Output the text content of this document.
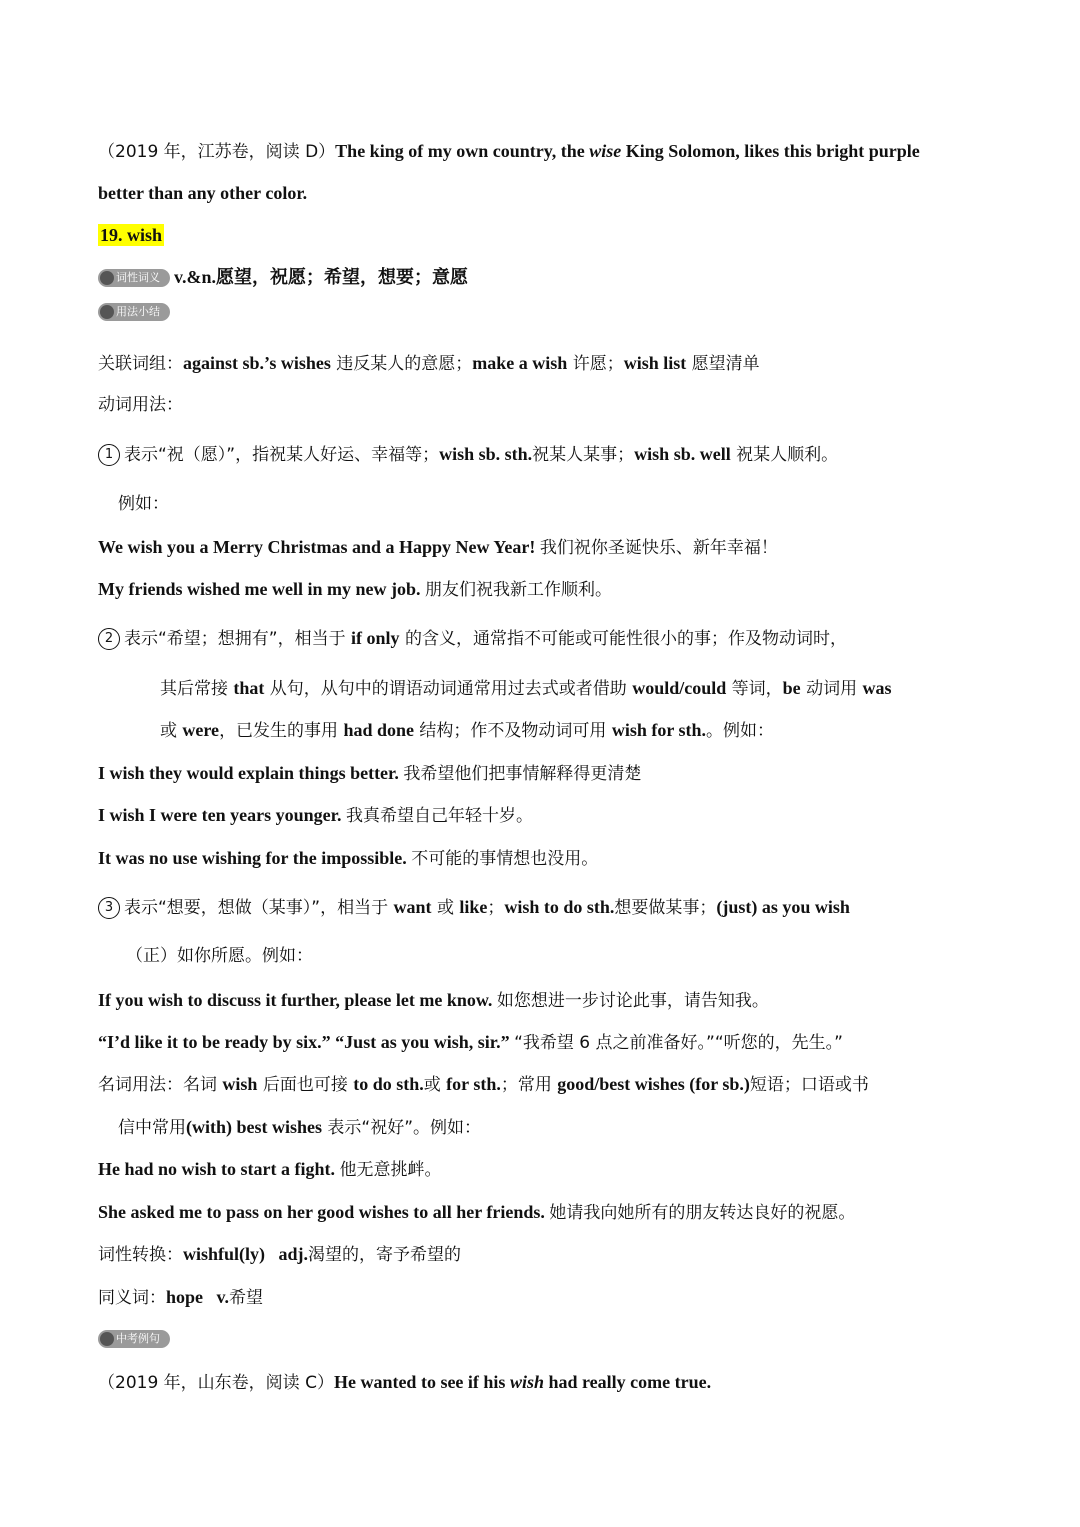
（2019 年，江苏卷，阅读 D）The king of my own country, the wise King Solomon, likes this bright purple
better than any other color.
19. wish
词性词义 v.&n.愿望，祝愿；希望，想要；意愿
用法小结
关联词组：against sb.’s wishes 违反某人的意愿；make a wish 许愿；wish list 愿望清单
动词用法：
1 表示“祝（愿）”，指祝某人好运、幸福等；wish sb. sth.祝某人某事；wish sb. well 祝某人顺利。
例如：
We wish you a Merry Christmas and a Happy New Year! 我们祝你圣诞快乐、新年幸福！
My friends wished me well in my new job. 朋友们祝我新工作顺利。
2 表示“希望；想拥有”，相当于 if only 的含义，通常指不可能或可能性很小的事；作及物动词时，
其后常接 that 从句，从句中的谓语动词通常用过去式或者借助 would/could 等词，be 动词用 was
或 were，已发生的事用 had done 结构；作不及物动词可用 wish for sth.。例如：
I wish they would explain things better. 我希望他们把事情解释得更清楚
I wish I were ten years younger. 我真希望自己年轻十岁。
It was no use wishing for the impossible. 不可能的事情想也没用。
3 表示“想要，想做（某事）”，相当于 want 或 like；wish to do sth.想要做某事；(just) as you wish
（正）如你所愿。例如：
If you wish to discuss it further, please let me know. 如您想进一步讨论此事，请告知我。
“I’d like it to be ready by six.” “Just as you wish, sir.” “我希望 6 点之前准备好。”“听您的，先生。”
名词用法：名词 wish 后面也可接 to do sth.或 for sth.；常用 good/best wishes (for sb.)短语；口语或书
信中常用(with) best wishes 表示“祝好”。例如：
He had no wish to start a fight. 他无意挑衅。
She asked me to pass on her good wishes to all her friends. 她请我向她所有的朋友转达良好的祝愿。
词性转换：wishful(ly)   adj.渴望的，寄予希望的
同义词：hope   v.希望
中考例句
（2019 年，山东卷，阅读 C）He wanted to see if his wish had really come true.
